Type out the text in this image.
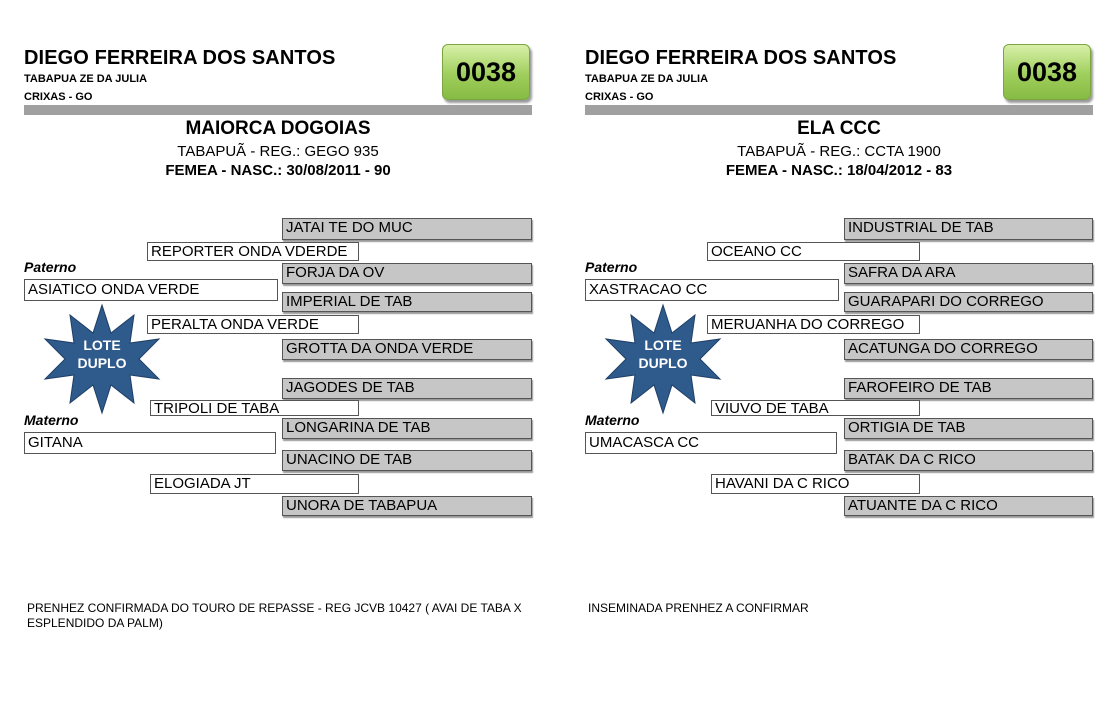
DIEGO FERREIRA DOS SANTOS
TABAPUA ZE DA JULIA
CRIXAS - GO
0038
MAIORCA DOGOIAS
TABAPUÃ - REG.: GEGO 935
FEMEA - NASC.: 30/08/2011 - 90
JATAI TE DO MUC
FORJA DA OV
IMPERIAL DE TAB
GROTTA DA ONDA VERDE
JAGODES DE TAB
LONGARINA DE TAB
UNACINO DE TAB
UNORA DE TABAPUA
REPORTER ONDA VDERDE
PERALTA ONDA VERDE
TRIPOLI DE TABA
ELOGIADA JT
Paterno
ASIATICO ONDA VERDE
Materno
GITANA
LOTE
DUPLO
PRENHEZ CONFIRMADA DO TOURO DE REPASSE - REG JCVB 10427 ( AVAI DE TABA X ESPLENDIDO DA PALM)
DIEGO FERREIRA DOS SANTOS
TABAPUA ZE DA JULIA
CRIXAS - GO
0038
ELA CCC
TABAPUÃ - REG.: CCTA 1900
FEMEA - NASC.: 18/04/2012 - 83
INDUSTRIAL DE TAB
SAFRA DA ARA
GUARAPARI DO CORREGO
ACATUNGA DO CORREGO
FAROFEIRO DE TAB
ORTIGIA DE TAB
BATAK DA C RICO
ATUANTE DA C RICO
OCEANO CC
MERUANHA DO CORREGO
VIUVO DE TABA
HAVANI DA C RICO
Paterno
XASTRACAO CC
Materno
UMACASCA CC
LOTE
DUPLO
INSEMINADA PRENHEZ A CONFIRMAR
